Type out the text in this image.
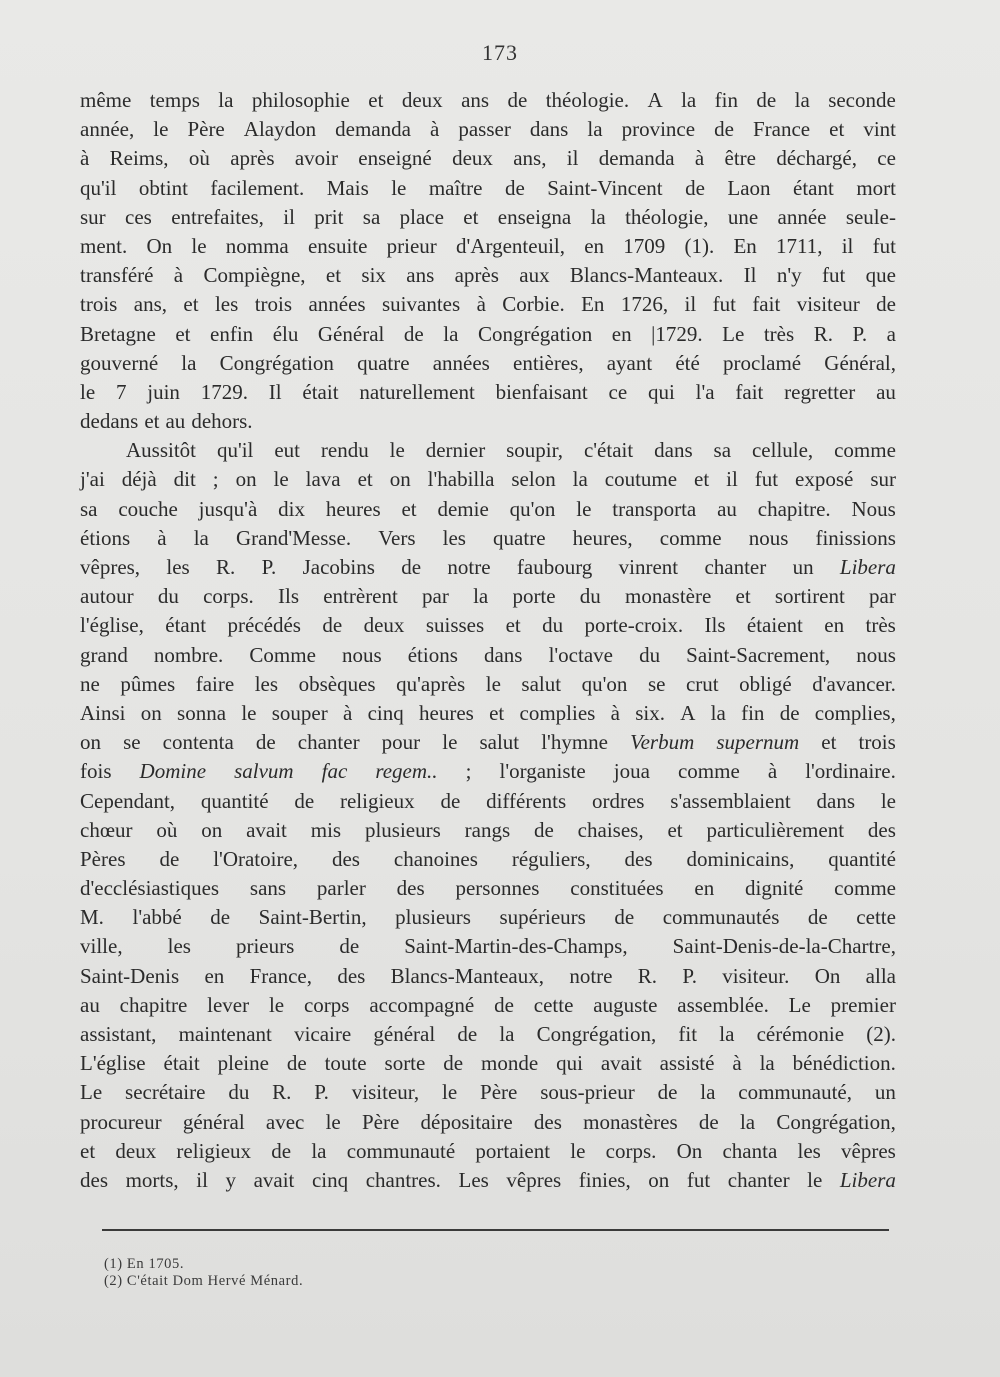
173
même temps la philosophie et deux ans de théologie. A la fin de la seconde
année, le Père Alaydon demanda à passer dans la province de France et vint
à Reims, où après avoir enseigné deux ans, il demanda à être déchargé, ce
qu'il obtint facilement. Mais le maître de Saint-Vincent de Laon étant mort
sur ces entrefaites, il prit sa place et enseigna la théologie, une année seule-
ment. On le nomma ensuite prieur d'Argenteuil, en 1709 (1). En 1711, il fut
transféré à Compiègne, et six ans après aux Blancs-Manteaux. Il n'y fut que
trois ans, et les trois années suivantes à Corbie. En 1726, il fut fait visiteur de
Bretagne et enfin élu Général de la Congrégation en |1729. Le très R. P. a
gouverné la Congrégation quatre années entières, ayant été proclamé Général,
le 7 juin 1729. Il était naturellement bienfaisant ce qui l'a fait regretter au
dedans et au dehors.
Aussitôt qu'il eut rendu le dernier soupir, c'était dans sa cellule, comme
j'ai déjà dit ; on le lava et on l'habilla selon la coutume et il fut exposé sur
sa couche jusqu'à dix heures et demie qu'on le transporta au chapitre. Nous
étions à la Grand'Messe. Vers les quatre heures, comme nous finissions
vêpres, les R. P. Jacobins de notre faubourg vinrent chanter un Libera
autour du corps. Ils entrèrent par la porte du monastère et sortirent par
l'église, étant précédés de deux suisses et du porte-croix. Ils étaient en très
grand nombre. Comme nous étions dans l'octave du Saint-Sacrement, nous
ne pûmes faire les obsèques qu'après le salut qu'on se crut obligé d'avancer.
Ainsi on sonna le souper à cinq heures et complies à six. A la fin de complies,
on se contenta de chanter pour le salut l'hymne Verbum supernum et trois
fois Domine salvum fac regem.. ; l'organiste joua comme à l'ordinaire.
Cependant, quantité de religieux de différents ordres s'assemblaient dans le
chœur où on avait mis plusieurs rangs de chaises, et particulièrement des
Pères de l'Oratoire, des chanoines réguliers, des dominicains, quantité
d'ecclésiastiques sans parler des personnes constituées en dignité comme
M. l'abbé de Saint-Bertin, plusieurs supérieurs de communautés de cette
ville, les prieurs de Saint-Martin-des-Champs, Saint-Denis-de-la-Chartre,
Saint-Denis en France, des Blancs-Manteaux, notre R. P. visiteur. On alla
au chapitre lever le corps accompagné de cette auguste assemblée. Le premier
assistant, maintenant vicaire général de la Congrégation, fit la cérémonie (2).
L'église était pleine de toute sorte de monde qui avait assisté à la bénédiction.
Le secrétaire du R. P. visiteur, le Père sous-prieur de la communauté, un
procureur général avec le Père dépositaire des monastères de la Congrégation,
et deux religieux de la communauté portaient le corps. On chanta les vêpres
des morts, il y avait cinq chantres. Les vêpres finies, on fut chanter le Libera
(1) En 1705.
(2) C'était Dom Hervé Ménard.
